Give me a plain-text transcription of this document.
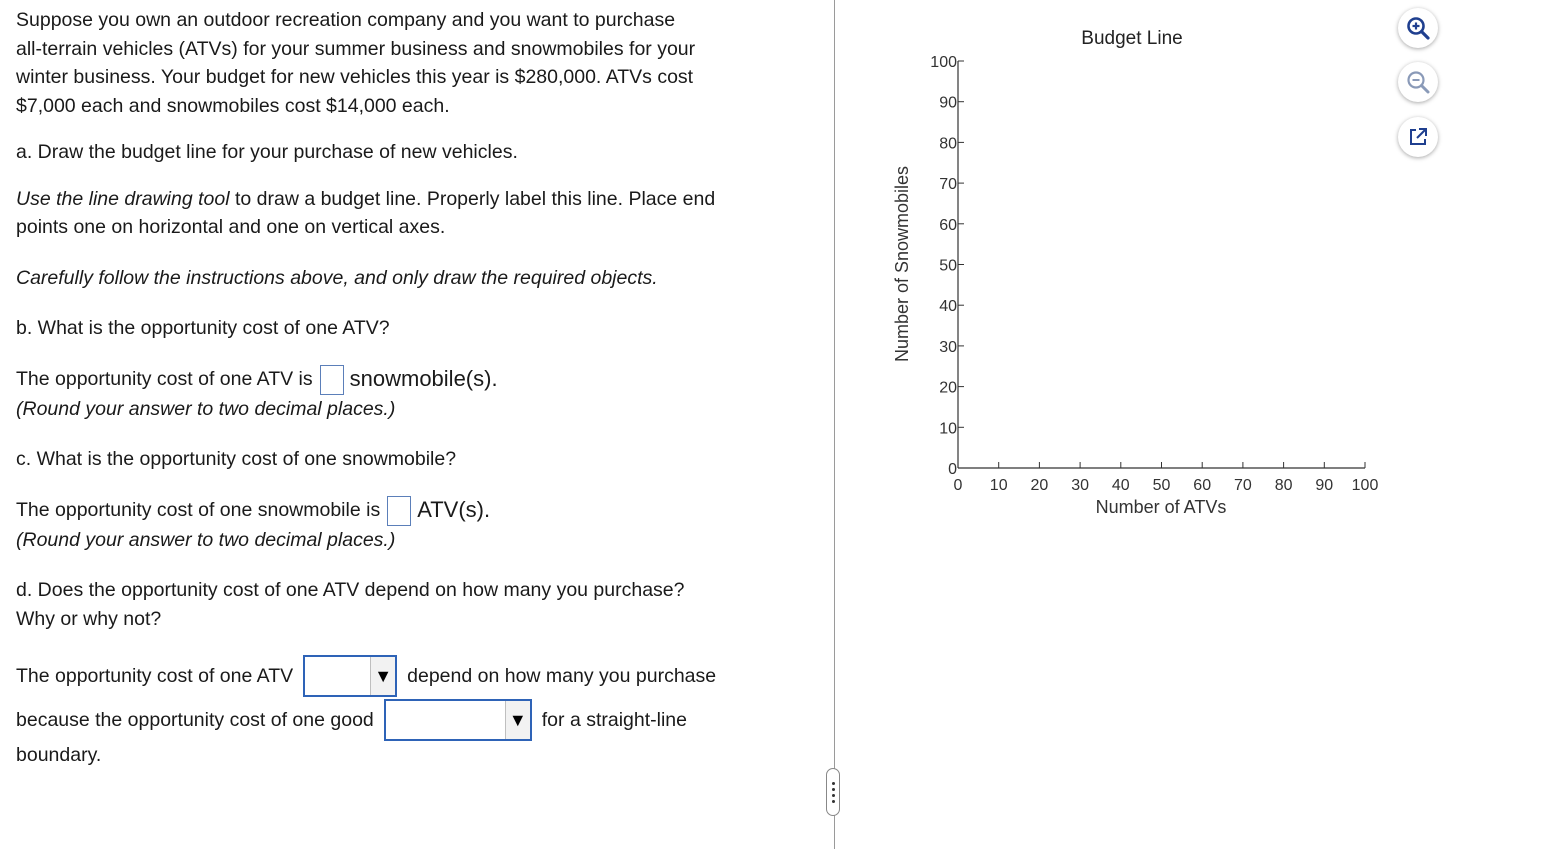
Suppose you own an outdoor recreation company and you want to purchase

all-terrain vehicles (ATVs) for your summer business and snowmobiles for your

winter business. Your budget for new vehicles this year is $280,000. ATVs cost

$7,000 each and snowmobiles cost $14,000 each.

a. Draw the budget line for your purchase of new vehicles.

Use the line drawing tool to draw a budget line. Properly label this line. Place end

points one on horizontal and one on vertical axes.

Carefully follow the instructions above, and only draw the required objects.

b. What is the opportunity cost of one ATV?

The opportunity cost of one ATV is snowmobile(s).

(Round your answer to two decimal places.)

c. What is the opportunity cost of one snowmobile?

The opportunity cost of one snowmobile is ATV(s).

(Round your answer to two decimal places.)

d. Does the opportunity cost of one ATV depend on how many you purchase?

Why or why not?

The opportunity cost of one ATV	▼ depend on how many you purchase

because the opportunity cost of one good	▼ for a straight-line

boundary.

Budget Line
0
10
20
30
40
50
60
70
80
90
100
0 10 20 30 40 50 60 70 80 90 100
Number of ATVs
Number of Snowmobiles
